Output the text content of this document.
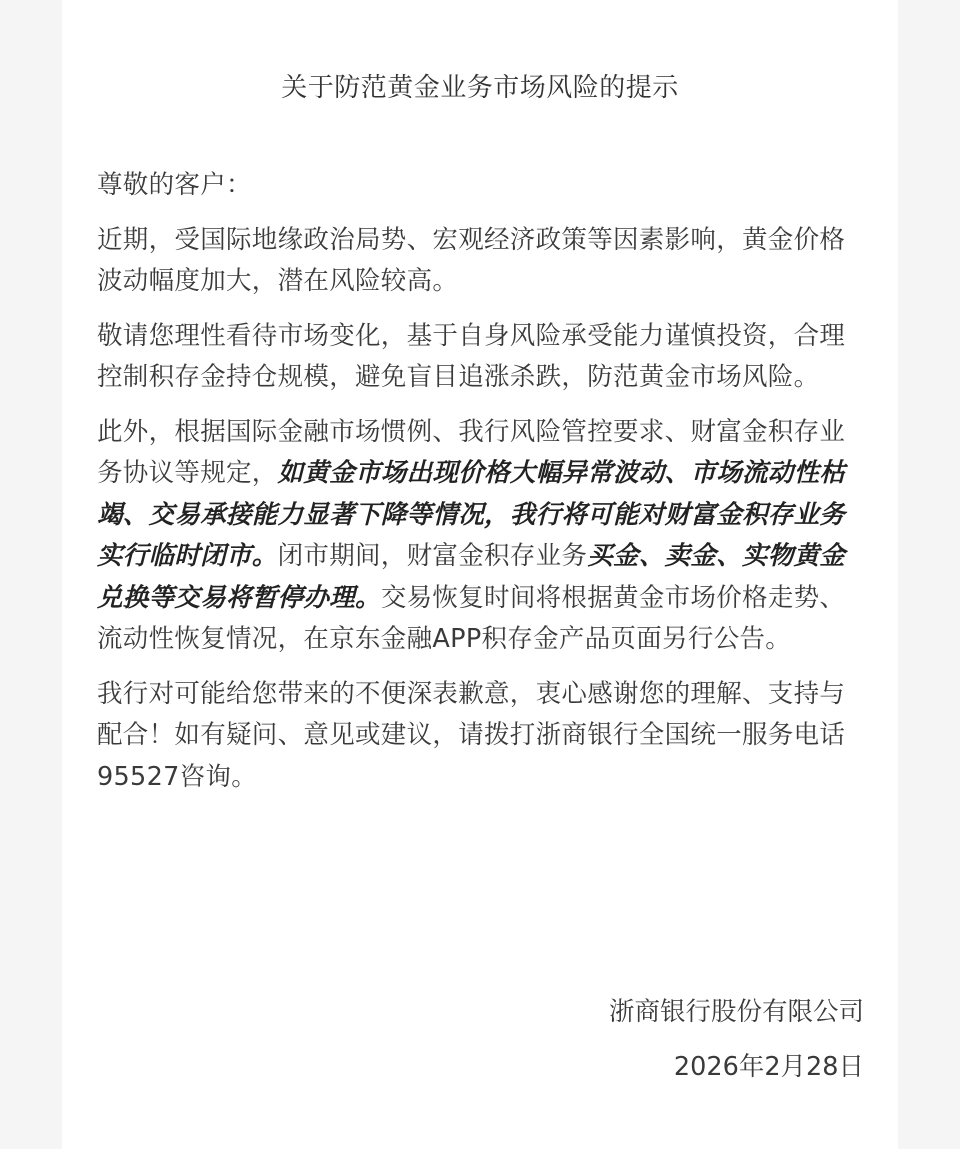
关于防范黄金业务市场风险的提示
尊敬的客户：
近期，受国际地缘政治局势、宏观经济政策等因素影响，黄金价格波动幅度加大，潜在风险较高。
敬请您理性看待市场变化，基于自身风险承受能力谨慎投资，合理控制积存金持仓规模，避免盲目追涨杀跌，防范黄金市场风险。
此外，根据国际金融市场惯例、我行风险管控要求、财富金积存业务协议等规定，如黄金市场出现价格大幅异常波动、市场流动性枯竭、交易承接能力显著下降等情况，我行将可能对财富金积存业务实行临时闭市。闭市期间，财富金积存业务买金、卖金、实物黄金兑换等交易将暂停办理。交易恢复时间将根据黄金市场价格走势、流动性恢复情况，在京东金融APP积存金产品页面另行公告。
我行对可能给您带来的不便深表歉意，衷心感谢您的理解、支持与配合！如有疑问、意见或建议，请拨打浙商银行全国统一服务电话95527咨询。
浙商银行股份有限公司
2026年2月28日
